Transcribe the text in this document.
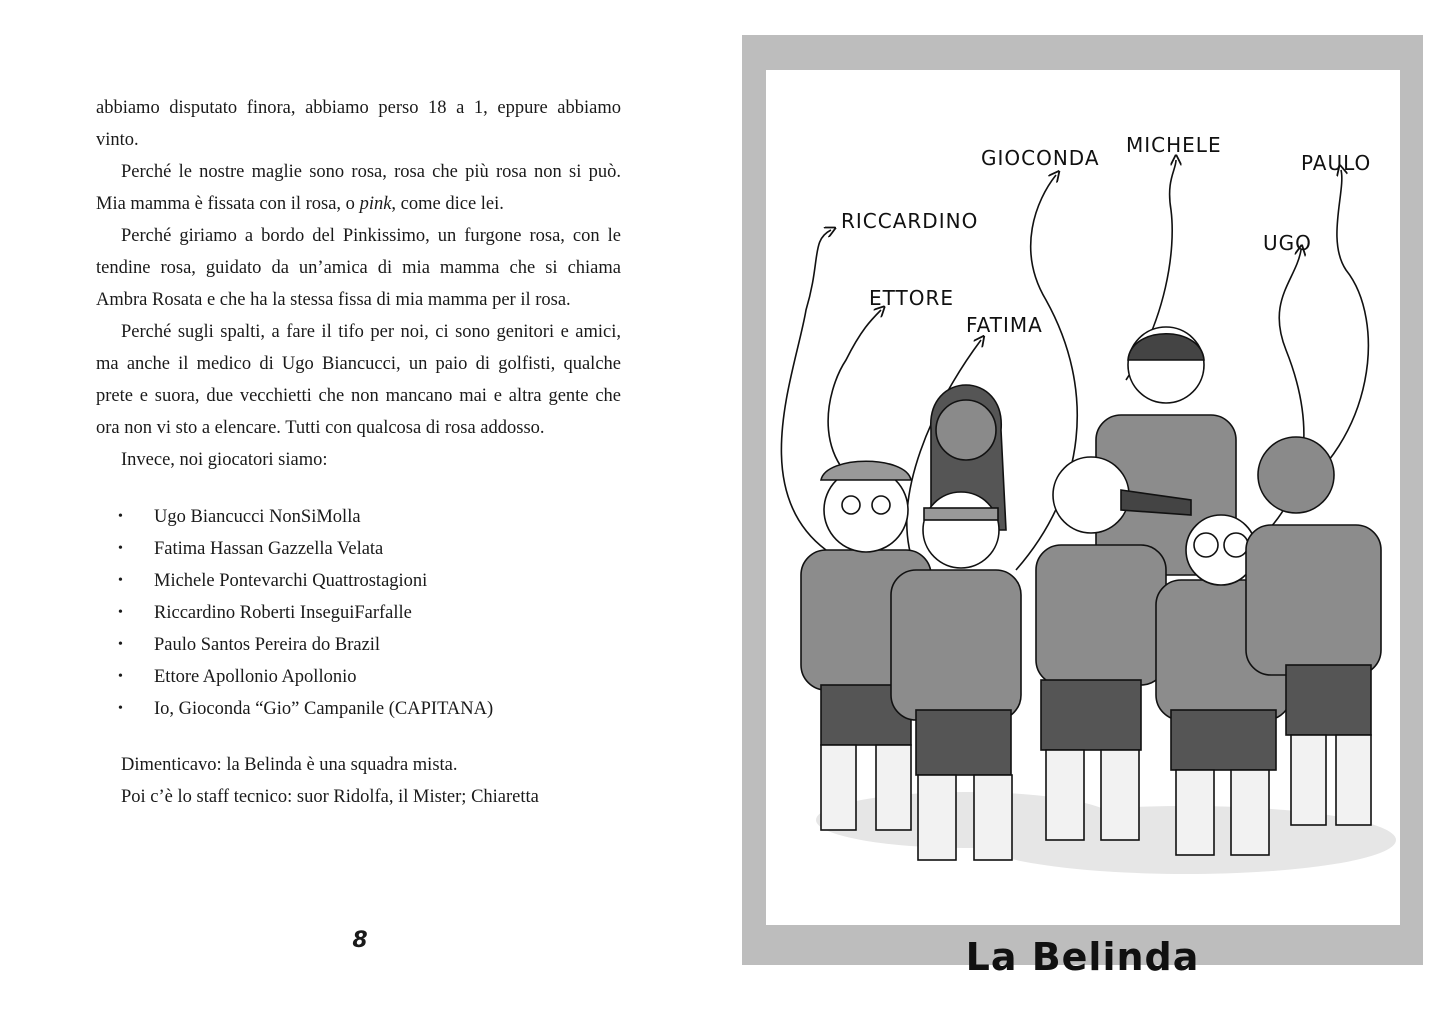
abbiamo disputato finora, abbiamo perso 18 a 1, eppure abbiamo vinto.

Perché le nostre maglie sono rosa, rosa che più rosa non si può. Mia mamma è fissata con il rosa, o pink, come dice lei.

Perché giriamo a bordo del Pinkissimo, un furgone rosa, con le tendine rosa, guidato da un’amica di mia mamma che si chiama Ambra Rosata e che ha la stessa fissa di mia mamma per il rosa.

Perché sugli spalti, a fare il tifo per noi, ci sono genitori e amici, ma anche il medico di Ugo Biancucci, un paio di golfisti, qualche prete e suora, due vecchietti che non mancano mai e altra gente che ora non vi sto a elencare. Tutti con qualcosa di rosa addosso.

Invece, noi giocatori siamo:

• Ugo Biancucci NonSiMolla
• Fatima Hassan Gazzella Velata
• Michele Pontevarchi Quattrostagioni
• Riccardino Roberti InseguiFarfalle
• Paulo Santos Pereira do Brazil
• Ettore Apollonio Apollonio
• Io, Gioconda “Gio” Campanile (CAPITANA)

Dimenticavo: la Belinda è una squadra mista.

Poi c’è lo staff tecnico: suor Ridolfa, il Mister; Chiaretta

8
GIOCONDA
MICHELE
PAULO
RICCARDINO
UGO
ETTORE
FATIMA
La Belinda
